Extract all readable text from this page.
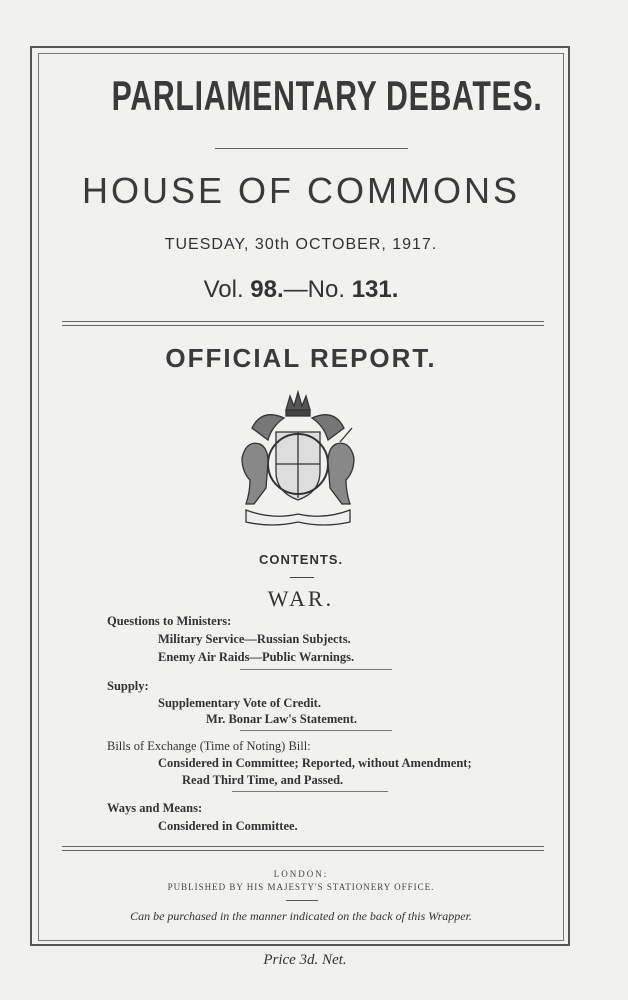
PARLIAMENTARY DEBATES.
HOUSE OF COMMONS
TUESDAY, 30th OCTOBER, 1917.
Vol. 98.—No. 131.
OFFICIAL REPORT.
CONTENTS.
WAR.
Questions to Ministers:
Military Service—Russian Subjects.
Enemy Air Raids—Public Warnings.
Supply:
Supplementary Vote of Credit.
Mr. Bonar Law's Statement.
Bills of Exchange (Time of Noting) Bill:
Considered in Committee; Reported, without Amendment;
Read Third Time, and Passed.
Ways and Means:
Considered in Committee.
LONDON:
PUBLISHED BY HIS MAJESTY'S STATIONERY OFFICE.
Can be purchased in the manner indicated on the back of this Wrapper.
Price 3d. Net.
